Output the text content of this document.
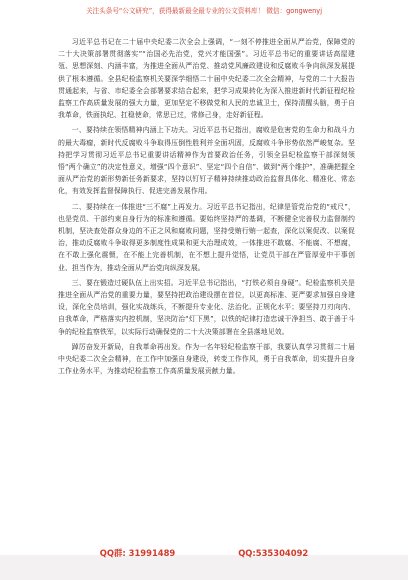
关注头条号“公文研究”，获得最新最全最专业的公文资料库！ 微信：gongwenyj

习近平总书记在二十届中央纪委二次全会上强调，“一刻不停推进全面从严治党，保障党的二十大决策部署贯彻落实”“治国必先治党，党兴才能国强”。习近平总书记的重要讲话高屋建瓴、思想深刻、内涵丰富，为推进全面从严治党、推动党风廉政建设和反腐败斗争向纵深发展提供了根本遵循。全县纪检监察机关要深学细悟二十届中央纪委二次全会精神，与党的二十大报告贯通起来，与省、市纪委全会部署要求结合起来，把学习成果转化为深入推进新时代新征程纪检监察工作高质量发展的强大力量，更加坚定不移做党和人民的忠诚卫士，保持清醒头脑，勇于自我革命，铁面执纪、扛稳使命，常思已过，常修己身，走好新征程。

一、要持续在领悟精神内涵上下功夫。习近平总书记指出，腐败是危害党的生命力和战斗力的最大毒瘤，新时代反腐败斗争取得压倒性胜利并全面巩固，反腐败斗争形势依然严峻复杂。坚持把学习贯彻习近平总书记重要讲话精神作为首要政治任务，引领全县纪检监察干部深刻领悟“两个确立”的决定性意义，增强“四个意识”、坚定“四个自信”、做到“两个维护”，准确把握全面从严治党的新形势新任务新要求，坚持以钉钉子精神持续推动政治监督具体化、精准化、常态化，有效发挥监督保障执行、促进完善发展作用。

二、要持续在一体推进“三不腐”上再发力。习近平总书记指出，纪律是管党治党的“戒尺”，也是党员、干部约束自身行为的标准和遵循。要始终坚持严的基调，不断健全完善权力监督制约机制，坚决查处群众身边的不正之风和腐败问题，坚持受贿行贿一起查，深化以案促改、以案促治，推动反腐败斗争取得更多制度性成果和更大治理成效，一体推进不敢腐、不能腐、不想腐，在不敢上强化震慑，在不能上完善机制，在不想上提升觉悟，让党员干部在严管厚爱中干事创业、担当作为，推动全面从严治党向纵深发展。

三、要在锻造过硬队伍上出实招。习近平总书记指出，“打铁必须自身硬”。纪检监察机关是推进全面从严治党的重要力量，要坚持把政治建设摆在首位，以更高标准、更严要求加强自身建设，深化全员培训，强化实战练兵，不断提升专业化、法治化、正规化水平；要坚持刀刃向内、自我革命，严格落实内控机制，坚决防治“灯下黑”，以铁的纪律打造忠诚干净担当、敢于善于斗争的纪检监察铁军，以实际行动确保党的二十大决策部署在全县落地见效。

踔厉奋发开新局，自我革命再出发。作为一名年轻纪检监察干部，我要认真学习贯彻二十届中央纪委二次全会精神，在工作中加强自身建设，转变工作作风，勇于自我革命，切实提升自身工作业务水平，为推动纪检监察工作高质量发展贡献力量。

QQ群: 31991489	QQ:535304092
